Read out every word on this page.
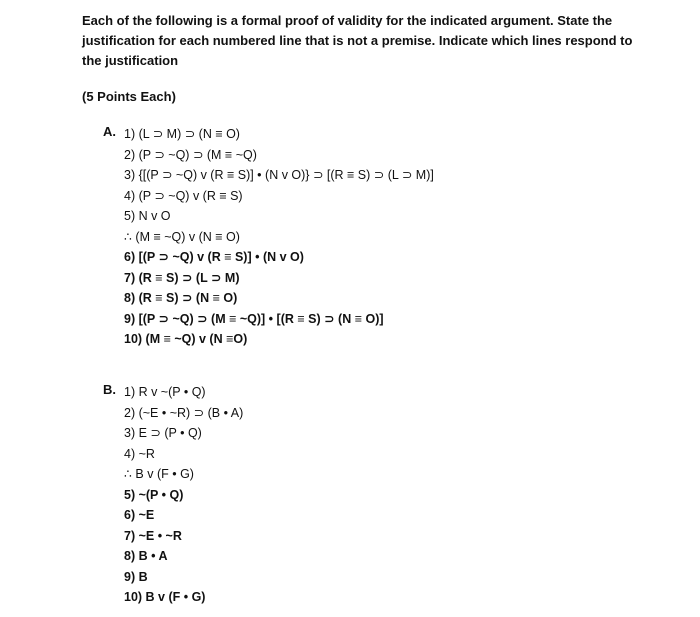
Each of the following is a formal proof of validity for the indicated argument. State the justification for each numbered line that is not a premise. Indicate which lines respond to the justification
(5 Points Each)
A. 1) (L ⊃ M) ⊃ (N ≡ O)
2) (P ⊃ ~Q) ⊃ (M ≡ ~Q)
3) {[(P ⊃ ~Q) v (R ≡ S)] • (N v O)} ⊃ [(R ≡ S) ⊃ (L ⊃ M)]
4) (P ⊃ ~Q) v (R ≡ S)
5) N v O
∴ (M ≡ ~Q) v (N ≡ O)
6) [(P ⊃ ~Q) v (R ≡ S)] • (N v O)
7) (R ≡ S) ⊃ (L ⊃ M)
8) (R ≡ S) ⊃ (N ≡ O)
9) [(P ⊃ ~Q) ⊃ (M ≡ ~Q)] • [(R ≡ S) ⊃ (N ≡ O)]
10) (M ≡ ~Q) v (N ≡O)
B. 1) R v ~(P • Q)
2) (~E • ~R) ⊃ (B • A)
3) E ⊃ (P • Q)
4) ~R
∴ B v (F • G)
5) ~(P • Q)
6) ~E
7) ~E • ~R
8) B • A
9) B
10) B v (F • G)
